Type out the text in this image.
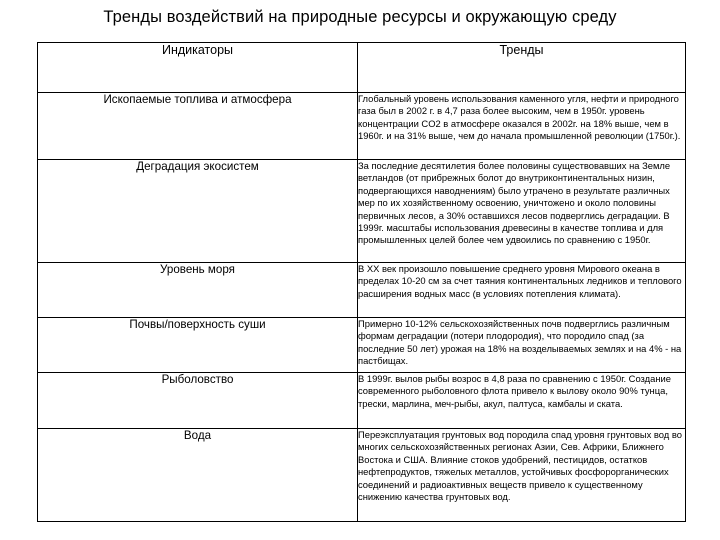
Тренды воздействий на природные ресурсы и окружающую среду
Индикаторы	Тренды
Ископаемые топлива и атмосфера	Глобальный уровень использования каменного угля, нефти и природного газа был в 2002 г. в 4,7 раза более высоким, чем в 1950г. уровень концентрации CO2 в атмосфере оказался в 2002г. на 18% выше, чем в 1960г. и на 31% выше, чем до начала промышленной революции (1750г.).
Деградация экосистем	За последние десятилетия более половины существовавших на Земле ветландов (от прибрежных болот до внутриконтинентальных низин, подвергающихся наводнениям) было утрачено в результате различных мер по их хозяйственному освоению, уничтожено и около половины первичных лесов, а 30% оставшихся лесов подверглись деградации. В 1999г. масштабы использования древесины в качестве топлива и для промышленных целей более чем удвоились по сравнению с 1950г.
Уровень моря	В XX век произошло повышение среднего уровня Мирового океана в пределах 10-20 см за счет таяния континентальных ледников и теплового расширения водных масс (в условиях потепления климата).
Почвы/поверхность суши	Примерно 10-12% сельскохозяйственных почв подверглись различным формам деградации (потери плодородия), что породило спад (за последние 50 лет) урожая на 18% на возделываемых землях и на 4% - на пастбищах.
Рыболовство	В 1999г. вылов рыбы возрос в 4,8 раза по сравнению с 1950г. Создание современного рыболовного флота привело к вылову около 90% тунца, трески, марлина, меч-рыбы, акул, палтуса, камбалы и ската.
Вода	Переэксплуатация грунтовых вод породила спад уровня грунтовых вод во многих сельскохозяйственных регионах Азии, Сев. Африки, Ближнего Востока и США. Влияние стоков удобрений, пестицидов, остатков нефтепродуктов, тяжелых металлов, устойчивых фосфорорганических соединений и радиоактивных веществ привело к существенному снижению качества грунтовых вод.
